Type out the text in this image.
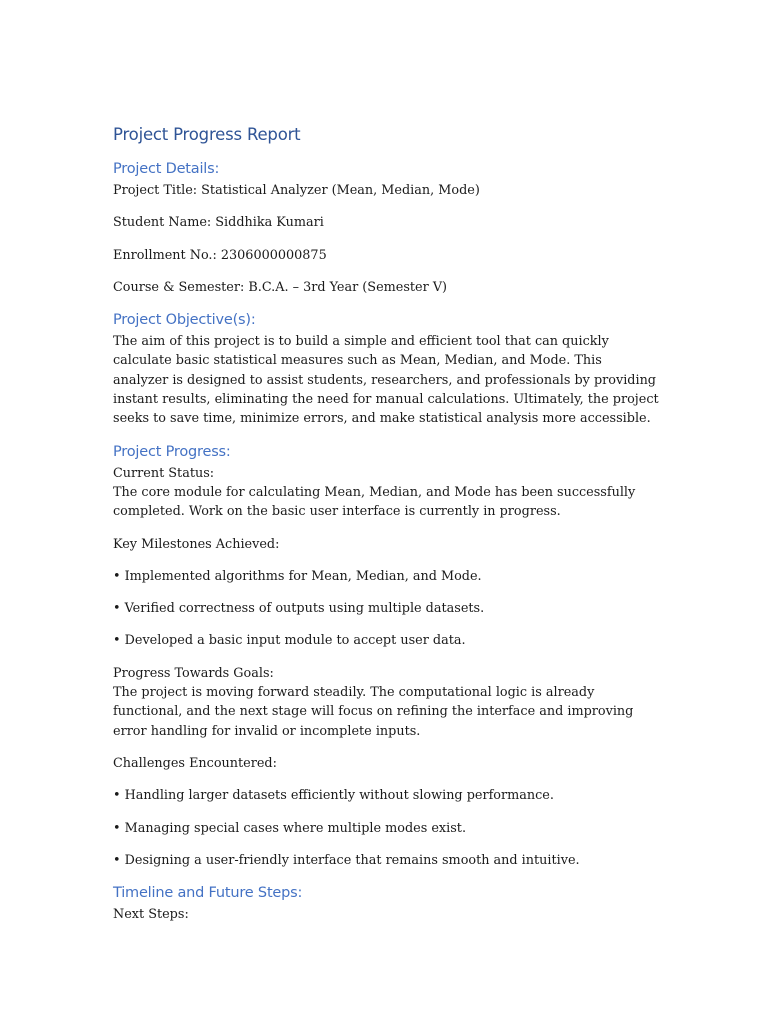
Project Progress Report
Project Details:
Project Title: Statistical Analyzer (Mean, Median, Mode)
Student Name: Siddhika Kumari
Enrollment No.: 2306000000875
Course & Semester: B.C.A. – 3rd Year (Semester V)
Project Objective(s):
The aim of this project is to build a simple and efficient tool that can quickly calculate basic statistical measures such as Mean, Median, and Mode. This analyzer is designed to assist students, researchers, and professionals by providing instant results, eliminating the need for manual calculations. Ultimately, the project seeks to save time, minimize errors, and make statistical analysis more accessible.
Project Progress:
Current Status:
The core module for calculating Mean, Median, and Mode has been successfully completed. Work on the basic user interface is currently in progress.
Key Milestones Achieved:
• Implemented algorithms for Mean, Median, and Mode.
• Verified correctness of outputs using multiple datasets.
• Developed a basic input module to accept user data.
Progress Towards Goals:
The project is moving forward steadily. The computational logic is already functional, and the next stage will focus on refining the interface and improving error handling for invalid or incomplete inputs.
Challenges Encountered:
• Handling larger datasets efficiently without slowing performance.
• Managing special cases where multiple modes exist.
• Designing a user-friendly interface that remains smooth and intuitive.
Timeline and Future Steps:
Next Steps:
